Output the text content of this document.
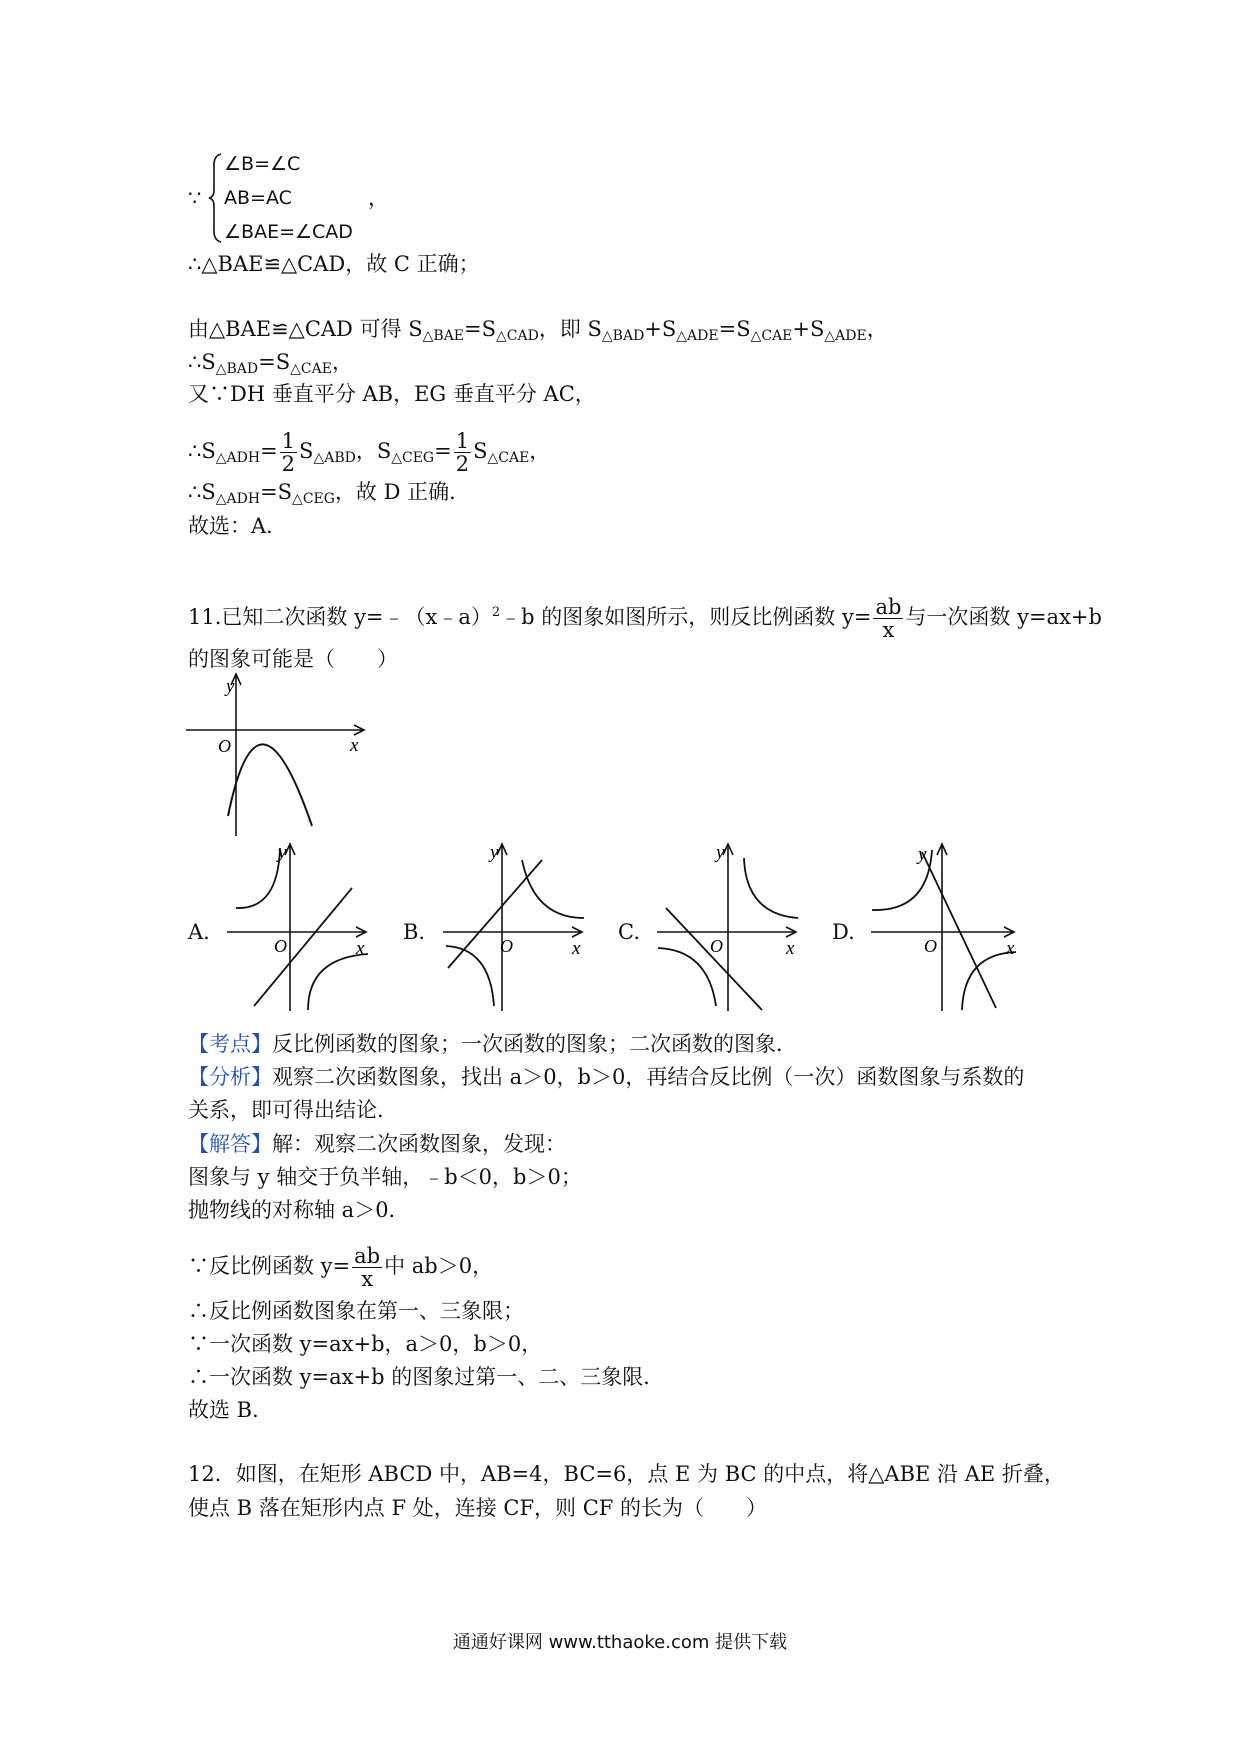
∵
∠B=∠C
AB=AC
∠BAE=∠CAD
，
∴△BAE≌△CAD，故 C 正确；
由△BAE≌△CAD 可得 $S_{\triangle BAE}=S_{\triangle CAD}$，即 $S_{\triangle BAD}+S_{\triangle ADE}=S_{\triangle CAE}+S_{\triangle ADE}$，
$\therefore S_{\triangle BAD}=S_{\triangle CAE}$，
又∵DH 垂直平分 AB，EG 垂直平分 AC，
$\therefore S_{\triangle ADH}= \frac{1}{2} S_{\triangle ABD}$，$S_{\triangle CEG}= \frac{1}{2} S_{\triangle CAE}$，
$\therefore S_{\triangle ADH}=S_{\triangle CEG}$，故 D 正确．
故选：A．
11.已知二次函数 y=﹣（x﹣a）$^2$﹣b 的图象如图所示，则反比例函数 $y= \frac{ab}{x}$ 与一次函数 y=ax+b
的图象可能是（　　）
y
x
O
A.
y
x
O
B.
y
x
O
C.
y
x
O
D.
y
x
O
【考点】反比例函数的图象；一次函数的图象；二次函数的图象．
【分析】观察二次函数图象，找出 a＞0，b＞0，再结合反比例（一次）函数图象与系数的
关系，即可得出结论．
【解答】解：观察二次函数图象，发现：
图象与 y 轴交于负半轴，﹣b＜0，b＞0；
抛物线的对称轴 a＞0．
∵反比例函数 $y= \frac{ab}{x}$ 中 ab＞0，
∴反比例函数图象在第一、三象限；
∵一次函数 y=ax+b，a＞0，b＞0，
∴一次函数 y=ax+b 的图象过第一、二、三象限．
故选 B．
12．如图，在矩形 ABCD 中，AB=4，BC=6，点 E 为 BC 的中点，将△ABE 沿 AE 折叠，
使点 B 落在矩形内点 F 处，连接 CF，则 CF 的长为（　　）
通通好课网 www.tthaoke.com 提供下载
